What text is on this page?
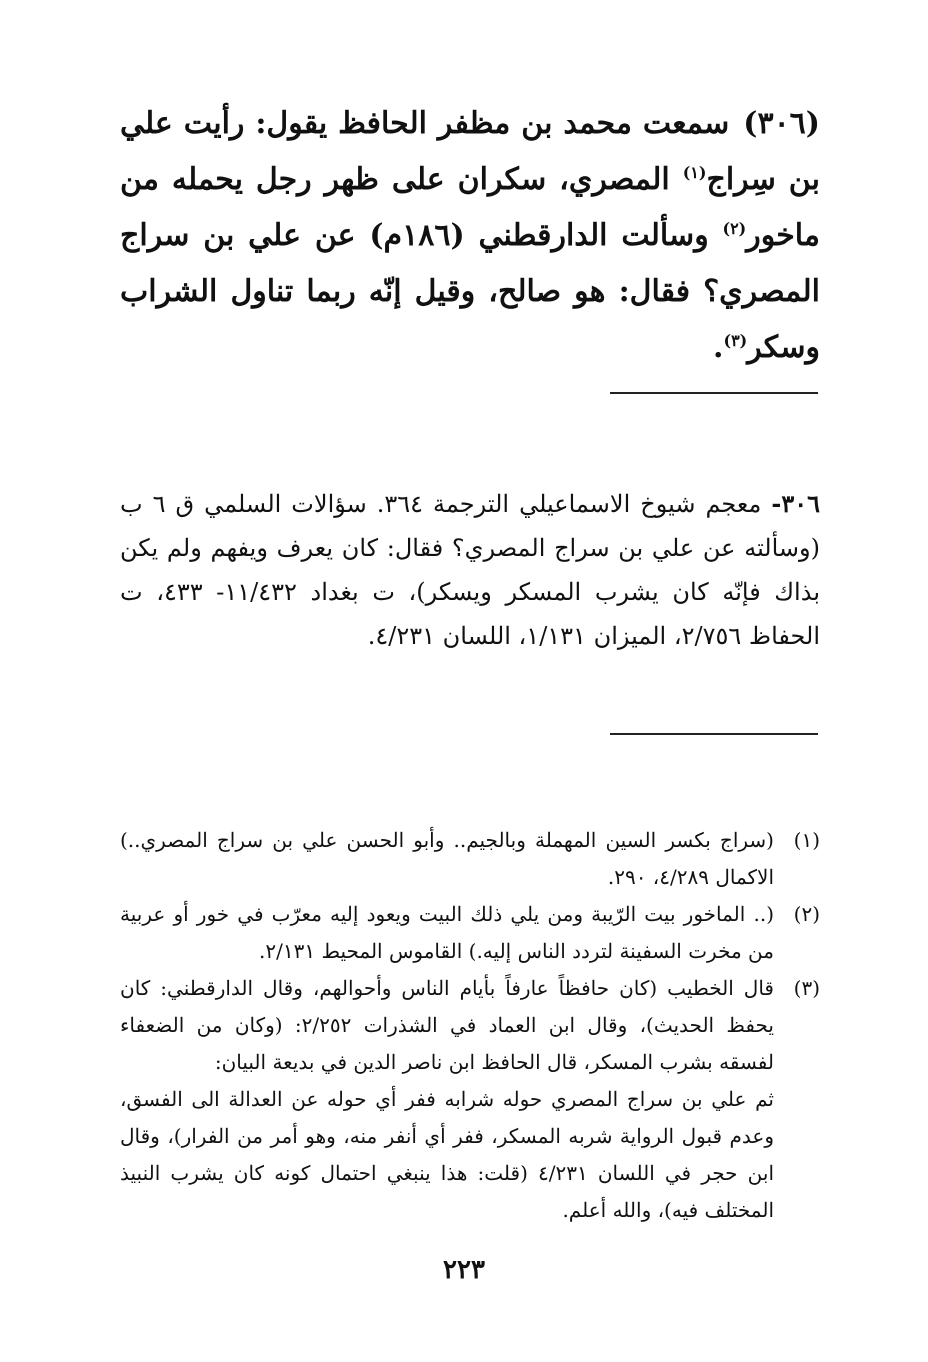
(٣٠٦)سمعت محمد بن مظفر الحافظ يقول: رأيت علي بن سِراج$^{(١)}$ المصري، سكران على ظهر رجل يحمله من ماخور$^{(٢)}$ وسألت الدارقطني (١٨٦م) عن علي بن سراج المصري؟ فقال: هو صالح، وقيل إنّه ربما تناول الشراب وسكر$^{(٣)}$.
٣٠٦-معجم شيوخ الاسماعيلي الترجمة ٣٦٤. سؤالات السلمي ق ٦ ب (وسألته عن علي بن سراج المصري؟ فقال: كان يعرف ويفهم ولم يكن بذاك فإنّه كان يشرب المسكر ويسكر)، ت بغداد ١١/٤٣٢- ٤٣٣، ت الحفاظ ٢/٧٥٦، الميزان ١/١٣١، اللسان ٤/٢٣١.
(١)
(سراج بكسر السين المهملة وبالجيم.. وأبو الحسن علي بن سراج المصري..) الاكمال ٤/٢٨٩، ٢٩٠.
(٢)
(.. الماخور بيت الرّيبة ومن يلي ذلك البيت ويعود إليه معرّب في خور أو عربية من مخرت السفينة لتردد الناس إليه.) القاموس المحيط ٢/١٣١.
(٣)

قال الخطيب (كان حافظاً عارفاً بأيام الناس وأحوالهم، وقال الدارقطني: كان يحفظ الحديث)، وقال ابن العماد في الشذرات ٢/٢٥٢: (وكان من الضعفاء لفسقه بشرب المسكر، قال الحافظ ابن ناصر الدين في بديعة البيان:

ثم علي بن سراج المصري حوله شرابه ففر أي حوله عن العدالة الى الفسق، وعدم قبول الرواية شربه المسكر، ففر أي أنفر منه، وهو أمر من الفرار)، وقال ابن حجر في اللسان ٤/٢٣١ (قلت: هذا ينبغي احتمال كونه كان يشرب النبيذ المختلف فيه)، والله أعلم.

٢٢٣
